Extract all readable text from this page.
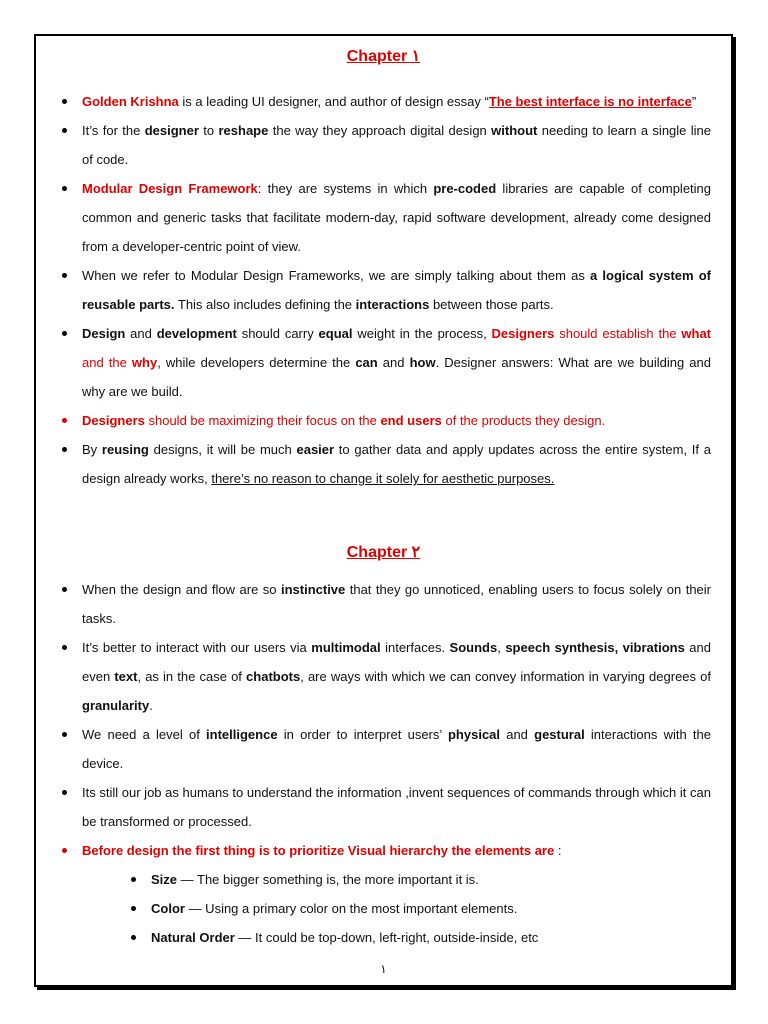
Chapter ١
Golden Krishna is a leading UI designer, and author of design essay “The best interface is no interface”
It’s for the designer to reshape the way they approach digital design without needing to learn a single line of code.
Modular Design Framework: they are systems in which pre-coded libraries are capable of completing common and generic tasks that facilitate modern-day, rapid software development, already come designed from a developer-centric point of view.
When we refer to Modular Design Frameworks, we are simply talking about them as a logical system of reusable parts. This also includes defining the interactions between those parts.
Design and development should carry equal weight in the process, Designers should establish the what and the why, while developers determine the can and how. Designer answers: What are we building and why are we build.
Designers should be maximizing their focus on the end users of the products they design.
By reusing designs, it will be much easier to gather data and apply updates across the entire system, If a design already works, there’s no reason to change it solely for aesthetic purposes.
Chapter ٢
When the design and flow are so instinctive that they go unnoticed, enabling users to focus solely on their tasks.
It’s better to interact with our users via multimodal interfaces. Sounds, speech synthesis, vibrations and even text, as in the case of chatbots, are ways with which we can convey information in varying degrees of granularity.
We need a level of intelligence in order to interpret users’ physical and gestural interactions with the device.
Its still our job as humans to understand the information ,invent sequences of commands through which it can be transformed or processed.
Before design the first thing is to prioritize Visual hierarchy the elements are :
Size — The bigger something is, the more important it is.
Color — Using a primary color on the most important elements.
Natural Order — It could be top-down, left-right, outside-inside, etc
١
